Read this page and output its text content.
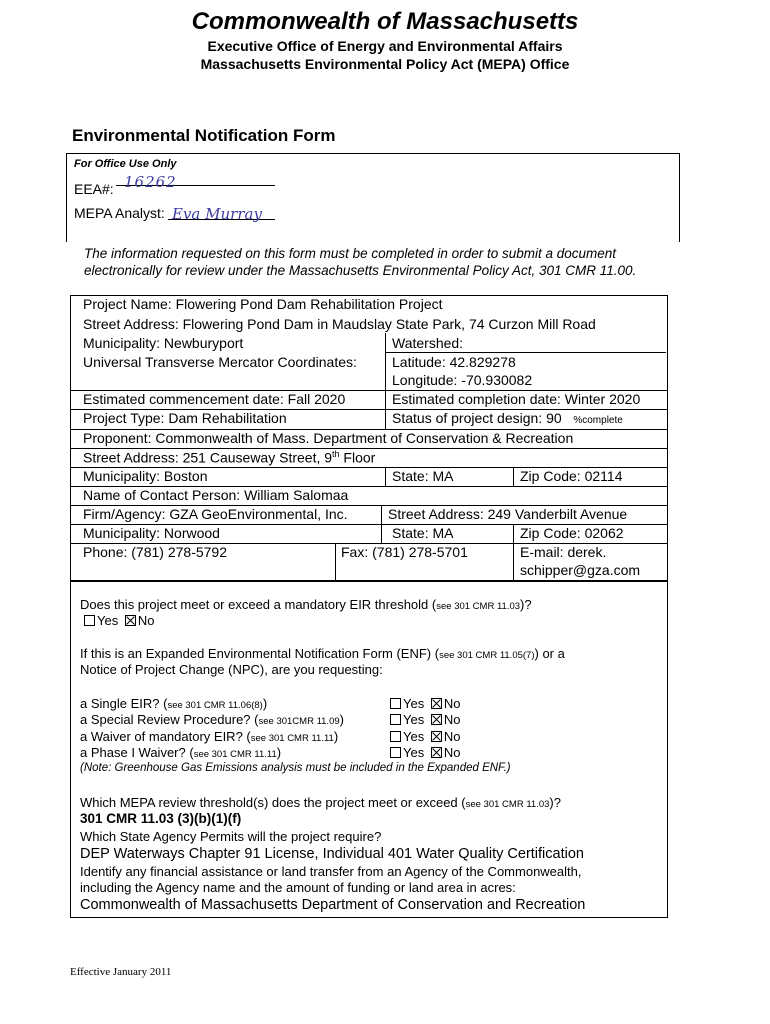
Commonwealth of Massachusetts
Executive Office of Energy and Environmental Affairs
Massachusetts Environmental Policy Act (MEPA) Office
Environmental Notification Form
For Office Use Only
EEA#: 16262
MEPA Analyst: Eva Murray
The information requested on this form must be completed in order to submit a document
electronically for review under the Massachusetts Environmental Policy Act, 301 CMR 11.00.
Project Name: Flowering Pond Dam Rehabilitation Project
Street Address: Flowering Pond Dam in Maudslay State Park, 74 Curzon Mill Road
Municipality: Newburyport	Watershed:
Universal Transverse Mercator Coordinates:	Latitude: 42.829278
Longitude: -70.930082
Estimated commencement date: Fall 2020	Estimated completion date: Winter 2020
Project Type: Dam Rehabilitation	Status of project design: 90 %complete
Proponent: Commonwealth of Mass. Department of Conservation & Recreation
Street Address: 251 Causeway Street, 9th Floor
Municipality: Boston	State: MA	Zip Code: 02114
Name of Contact Person: William Salomaa
Firm/Agency: GZA GeoEnvironmental, Inc.	Street Address: 249 Vanderbilt Avenue
Municipality: Norwood	State: MA	Zip Code: 02062
Phone: (781) 278-5792	Fax: (781) 278-5701	E-mail: derek.
schipper@gza.com
Does this project meet or exceed a mandatory EIR threshold (see 301 CMR 11.03)?
Yes No
If this is an Expanded Environmental Notification Form (ENF) (see 301 CMR 11.05(7)) or a
Notice of Project Change (NPC), are you requesting:
a Single EIR? (see 301 CMR 11.06(8))	Yes No
a Special Review Procedure? (see 301CMR 11.09)	Yes No
a Waiver of mandatory EIR? (see 301 CMR 11.11)	Yes No
a Phase I Waiver? (see 301 CMR 11.11)	Yes No
(Note: Greenhouse Gas Emissions analysis must be included in the Expanded ENF.)
Which MEPA review threshold(s) does the project meet or exceed (see 301 CMR 11.03)?
301 CMR 11.03 (3)(b)(1)(f)
Which State Agency Permits will the project require?
DEP Waterways Chapter 91 License, Individual 401 Water Quality Certification
Identify any financial assistance or land transfer from an Agency of the Commonwealth,
including the Agency name and the amount of funding or land area in acres:
Commonwealth of Massachusetts Department of Conservation and Recreation
Effective January 2011
